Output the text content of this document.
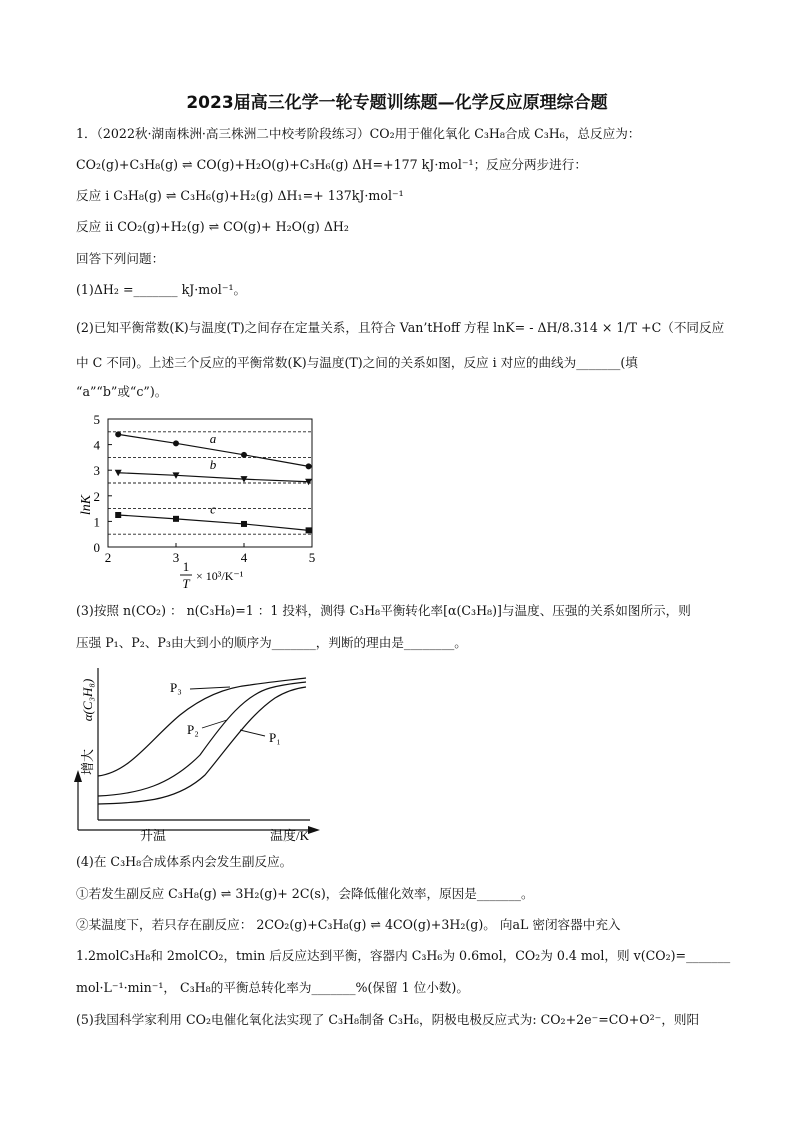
2023届高三化学一轮专题训练题—化学反应原理综合题
1．（2022秋·湖南株洲·高三株洲二中校考阶段练习）CO₂用于催化氧化 C₃H₈合成 C₃H₆，总反应为：
CO₂(g)+C₃H₈(g) ⇌ CO(g)+H₂O(g)+C₃H₆(g) ΔH=+177 kJ·mol⁻¹；反应分两步进行：
反应 i C₃H₈(g) ⇌ C₃H₆(g)+H₂(g) ΔH₁=+ 137kJ·mol⁻¹
反应 ii CO₂(g)+H₂(g) ⇌ CO(g)+ H₂O(g) ΔH₂
回答下列问题：
(1)ΔH₂ =_______ kJ·mol⁻¹。
(2)已知平衡常数(K)与温度(T)之间存在定量关系，且符合 Van’tHoff 方程 lnK= - ΔH/8.314 × 1/T +C（不同反应
中 C 不同)。上述三个反应的平衡常数(K)与温度(T)之间的关系如图，反应 i 对应的曲线为_______(填
“a”“b”或“c”)。
2	3	4	5
0
1
2
3
4
5
a
b
c
lnK
1
T × 10³/K⁻¹
(3)按照 n(CO₂) ： n(C₃H₈)=1 ：1 投料，测得 C₃H₈平衡转化率[α(C₃H₈)]与温度、压强的关系如图所示，则
压强 P₁、P₂、P₃由大到小的顺序为_______，判断的理由是________。
P₃
P₂
P₁
α(C₃H₈)
增大
升温	温度/K
(4)在 C₃H₈合成体系内会发生副反应。
①若发生副反应 C₃H₈(g) ⇌ 3H₂(g)+ 2C(s)，会降低催化效率，原因是_______。
②某温度下，若只存在副反应： 2CO₂(g)+C₃H₈(g) ⇌ 4CO(g)+3H₂(g)。 向aL 密闭容器中充入
1.2molC₃H₈和 2molCO₂，tmin 后反应达到平衡，容器内 C₃H₆为 0.6mol，CO₂为 0.4 mol，则 v(CO₂)=_______
mol·L⁻¹·min⁻¹， C₃H₈的平衡总转化率为_______%(保留 1 位小数)。
(5)我国科学家利用 CO₂电催化氧化法实现了 C₃H₈制备 C₃H₆，阴极电极反应式为: CO₂+2e⁻=CO+O²⁻，则阳
